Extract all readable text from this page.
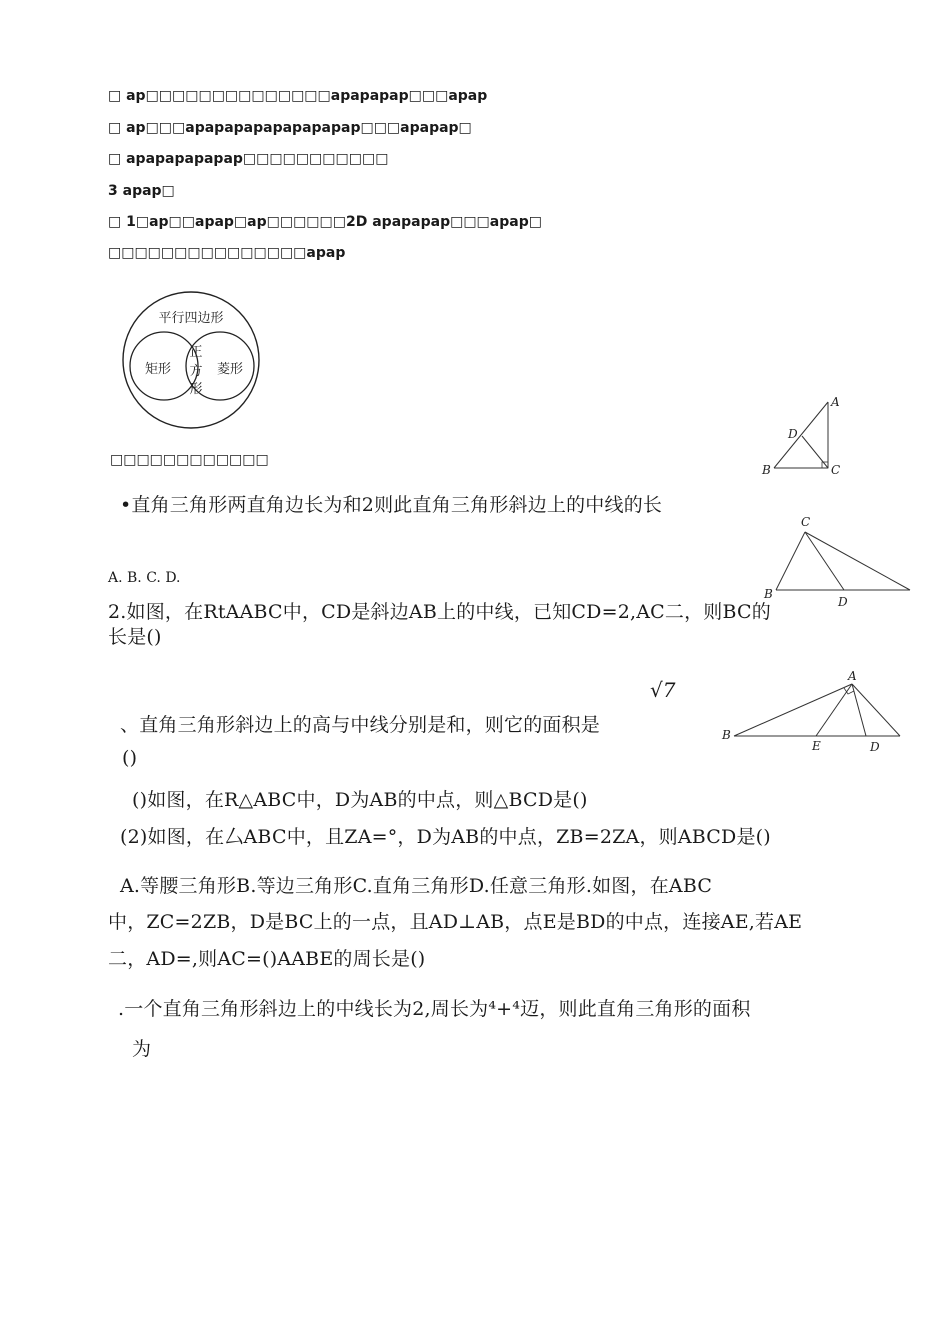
□ ap□□□□□□□□□□□□□□apapapap□□□apap
□ ap□□□apapapapapapapapap□□□apapap□
□ apapapapapap□□□□□□□□□□□
3 apap□
□ 1□ap□□apap□ap□□□□□□2D apapapap□□□apap□
□□□□□□□□□□□□□□□apap
平行四边形
矩形	菱形
正
方
形
□□□□□□□□□□□□
A
D
B	C
•直角三角形两直角边长为和2则此直角三角形斜边上的中线的长
C
B
D
A. B. C. D.
2.如图，在RtAABC中，CD是斜边AB上的中线，已知CD=2,AC二，则BC的
长是()
√7
A
B
E	D
、直角三角形斜边上的高与中线分别是和，则它的面积是
()
()如图，在R△ABC中，D为AB的中点，则△BCD是()
(2)如图，在厶ABC中，且ZA=°，D为AB的中点，ZB=2ZA，则ABCD是()
A.等腰三角形B.等边三角形C.直角三角形D.任意三角形.如图，在ABC
中，ZC=2ZB，D是BC上的一点，且AD⊥AB，点E是BD的中点，连接AE,若AE
二，AD=,则AC=()AABE的周长是()
.一个直角三角形斜边上的中线长为2,周长为⁴+⁴迈，则此直角三角形的面积
为
